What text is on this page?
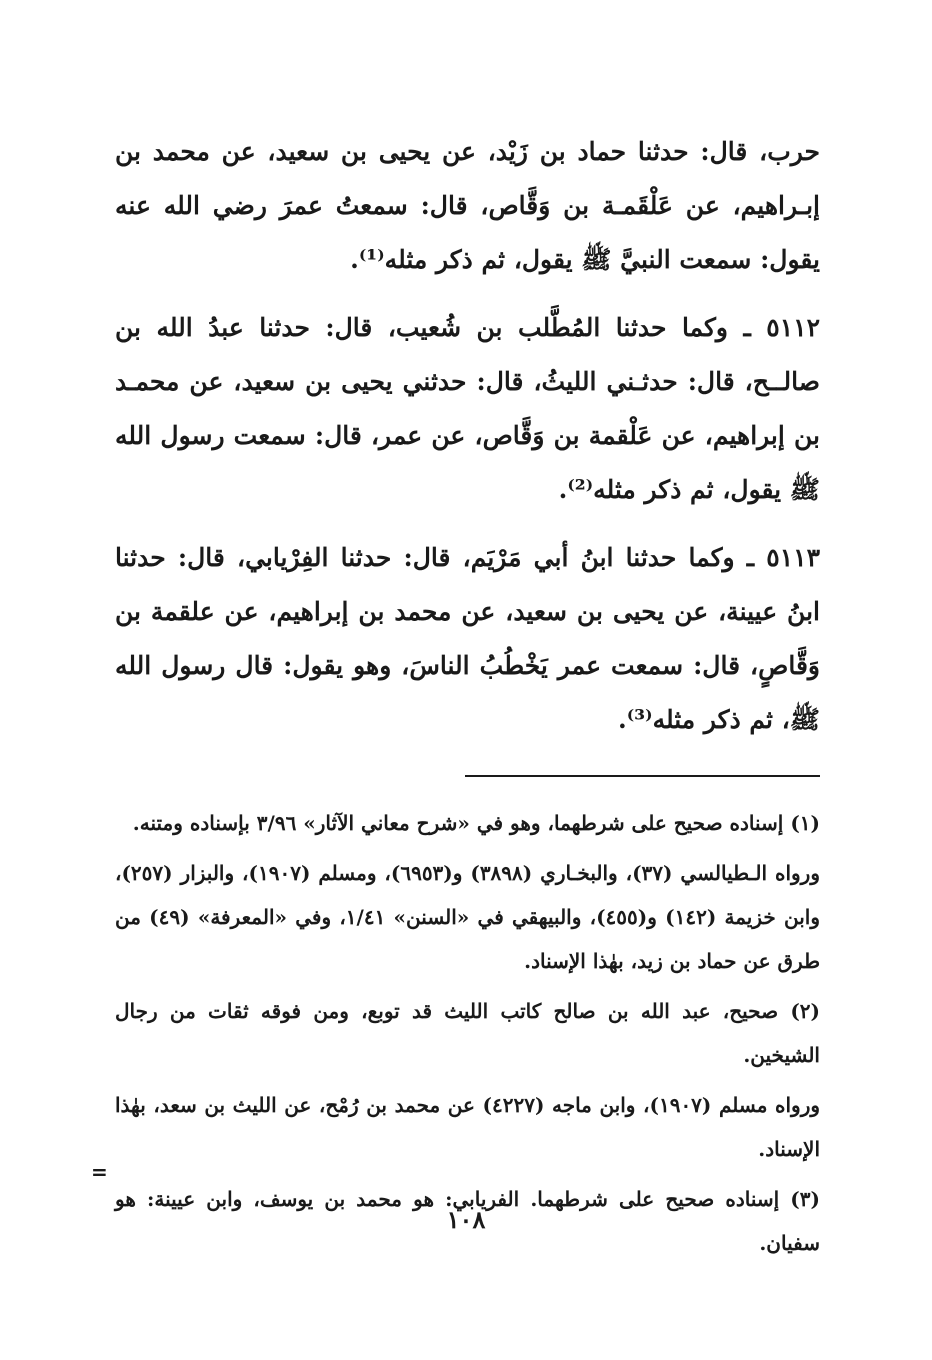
حرب، قال: حدثنا حماد بن زَيْد، عن يحيى بن سعيد، عن محمد بن إبـراهيم، عن عَلْقَمـة بن وَقَّاص، قال: سمعتُ عمرَ رضي الله عنه يقول: سمعت النبيَّ ﷺ يقول، ثم ذكر مثله⁽¹⁾.

٥١١٢ ـ وكما حدثنا المُطَّلب بن شُعيب، قال: حدثنا عبدُ الله بن صالــح، قال: حدثـني الليثُ، قال: حدثني يحيى بن سعيد، عن محمـد بن إبراهيم، عن عَلْقمة بن وَقَّاص، عن عمر، قال: سمعت رسول الله ﷺ يقول، ثم ذكر مثله⁽²⁾.

٥١١٣ ـ وكما حدثنا ابنُ أبي مَرْيَم، قال: حدثنا الفِرْيابي، قال: حدثنا ابنُ عيينة، عن يحيى بن سعيد، عن محمد بن إبراهيم، عن علقمة بن وَقَّاصٍ، قال: سمعت عمر يَخْطُبُ الناسَ، وهو يقول: قال رسول الله ﷺ، ثم ذكر مثله⁽³⁾.

(١) إسناده صحيح على شرطهما، وهو في «شرح معاني الآثار» ٣/٩٦ بإسناده ومتنه.

ورواه الـطيالسي (٣٧)، والبخـاري (٣٨٩٨) و(٦٩٥٣)، ومسلم (١٩٠٧)، والبزار (٢٥٧)، وابن خزيمة (١٤٢) و(٤٥٥)، والبيهقي في «السنن» ١/٤١، وفي «المعرفة» (٤٩) من طرق عن حماد بن زيد، بهٰذا الإسناد.

(٢) صحيح، عبد الله بن صالح كاتب الليث قد توبع، ومن فوقه ثقات من رجال الشيخين.

ورواه مسلم (١٩٠٧)، وابن ماجه (٤٢٢٧) عن محمد بن رُمْح، عن الليث بن سعد، بهٰذا الإسناد.

(٣) إسناده صحيح على شرطهما. الفريابي: هو محمد بن يوسف، وابن عيينة: هو سفيان.

=
١٠٨
